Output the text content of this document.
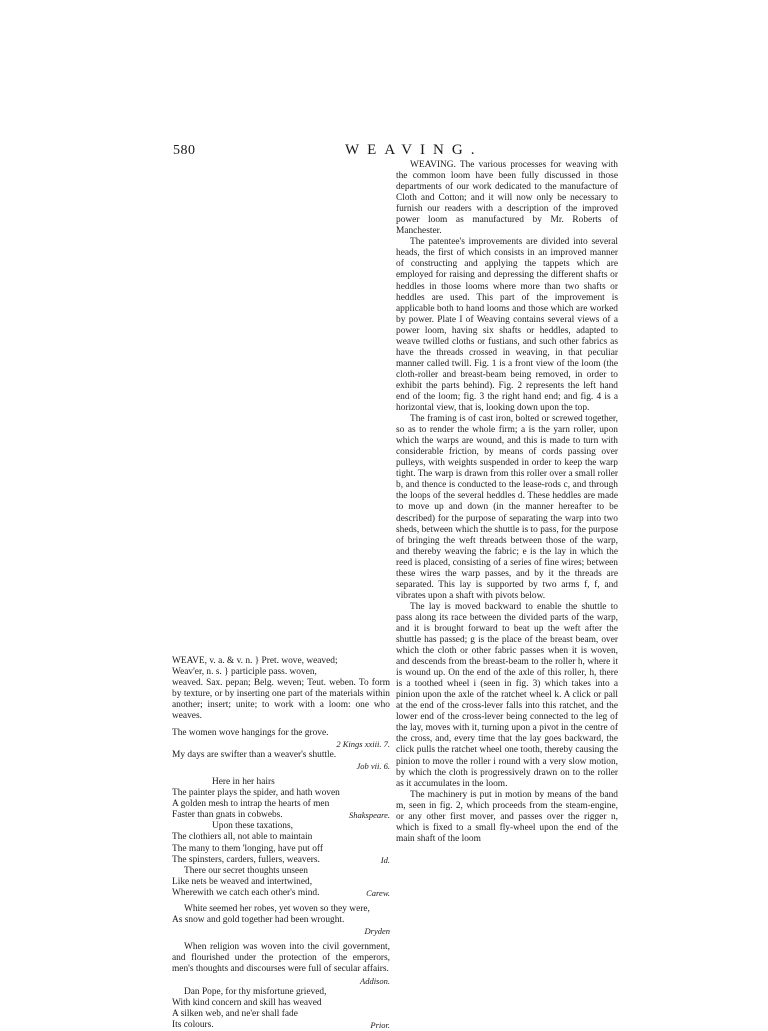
580	WEAVING.

WEAVING. The various processes for weaving with the common loom have been fully discussed in those departments of our work dedicated to the manufacture of Cloth and Cotton; and it will now only be necessary to furnish our readers with a description of the improved power loom as manufactured by Mr. Roberts of Manchester.

The patentee's improvements are divided into several heads, the first of which consists in an improved manner of constructing and applying the tappets which are employed for raising and depressing the different shafts or heddles in those looms where more than two shafts or heddles are used. This part of the improvement is applicable both to hand looms and those which are worked by power. Plate I of Weaving contains several views of a power loom, having six shafts or heddles, adapted to weave twilled cloths or fustians, and such other fabrics as have the threads crossed in weaving, in that peculiar manner called twill. Fig. 1 is a front view of the loom (the cloth-roller and breast-beam being removed, in order to exhibit the parts behind). Fig. 2 represents the left hand end of the loom; fig. 3 the right hand end; and fig. 4 is a horizontal view, that is, looking down upon the top.

The framing is of cast iron, bolted or screwed together, so as to render the whole firm; a is the yarn roller, upon which the warps are wound, and this is made to turn with considerable friction, by means of cords passing over pulleys, with weights suspended in order to keep the warp tight. The warp is drawn from this roller over a small roller b, and thence is conducted to the lease-rods c, and through the loops of the several heddles d. These heddles are made to move up and down (in the manner hereafter to be described) for the purpose of separating the warp into two sheds, between which the shuttle is to pass, for the purpose of bringing the weft threads between those of the warp, and thereby weaving the fabric; e is the lay in which the reed is placed, consisting of a series of fine wires; between these wires the warp passes, and by it the threads are separated. This lay is supported by two arms f, f, and vibrates upon a shaft with pivots below.

The lay is moved backward to enable the shuttle to pass along its race between the divided parts of the warp, and it is brought forward to beat up the weft after the shuttle has passed; g is the place of the breast beam, over which the cloth or other fabric passes when it is woven, and descends from the breast-beam to the roller h, where it is wound up. On the end of the axle of this roller, h, there is a toothed wheel i (seen in fig. 3) which takes into a pinion upon the axle of the ratchet wheel k. A click or pall at the end of the cross-lever falls into this ratchet, and the lower end of the cross-lever being connected to the leg of the lay, moves with it, turning upon a pivot in the centre of the cross, and, every time that the lay goes backward, the click pulls the ratchet wheel one tooth, thereby causing the pinion to move the roller i round with a very slow motion, by which the cloth is progressively drawn on to the roller as it accumulates in the loom.

The machinery is put in motion by means of the band m, seen in fig. 2, which proceeds from the steam-engine, or any other first mover, and passes over the rigger n, which is fixed to a small fly-wheel upon the end of the main shaft of the loom

WEAVE, v. a. & v. n. } Pret. wove, weaved;

Weav'er, n. s. } participle pass. woven,

weaved. Sax. peƿan; Belg. weven; Teut. weben. To form by texture, or by inserting one part of the materials within another; insert; unite; to work with a loom: one who weaves.

The women wove hangings for the grove.
2 Kings xxiii. 7.

My days are swifter than a weaver's shuttle.
Job vii. 6.

Here in her hairs
The painter plays the spider, and hath woven
A golden mesh to intrap the hearts of men
Faster than gnats in cobwebs.	Shakspeare.

Upon these taxations,
The clothiers all, not able to maintain
The many to them 'longing, have put off
The spinsters, carders, fullers, weavers.	Id.

There our secret thoughts unseen
Like nets be weaved and intertwined,
Wherewith we catch each other's mind.	Carew.

White seemed her robes, yet woven so they were,
As snow and gold together had been wrought.
Dryden

When religion was woven into the civil government, and flourished under the protection of the emperors, men's thoughts and discourses were full of secular affairs.
Addison.

Dan Pope, for thy misfortune grieved,
With kind concern and skill has weaved
A silken web, and ne'er shall fade
Its colours.	Prior.
